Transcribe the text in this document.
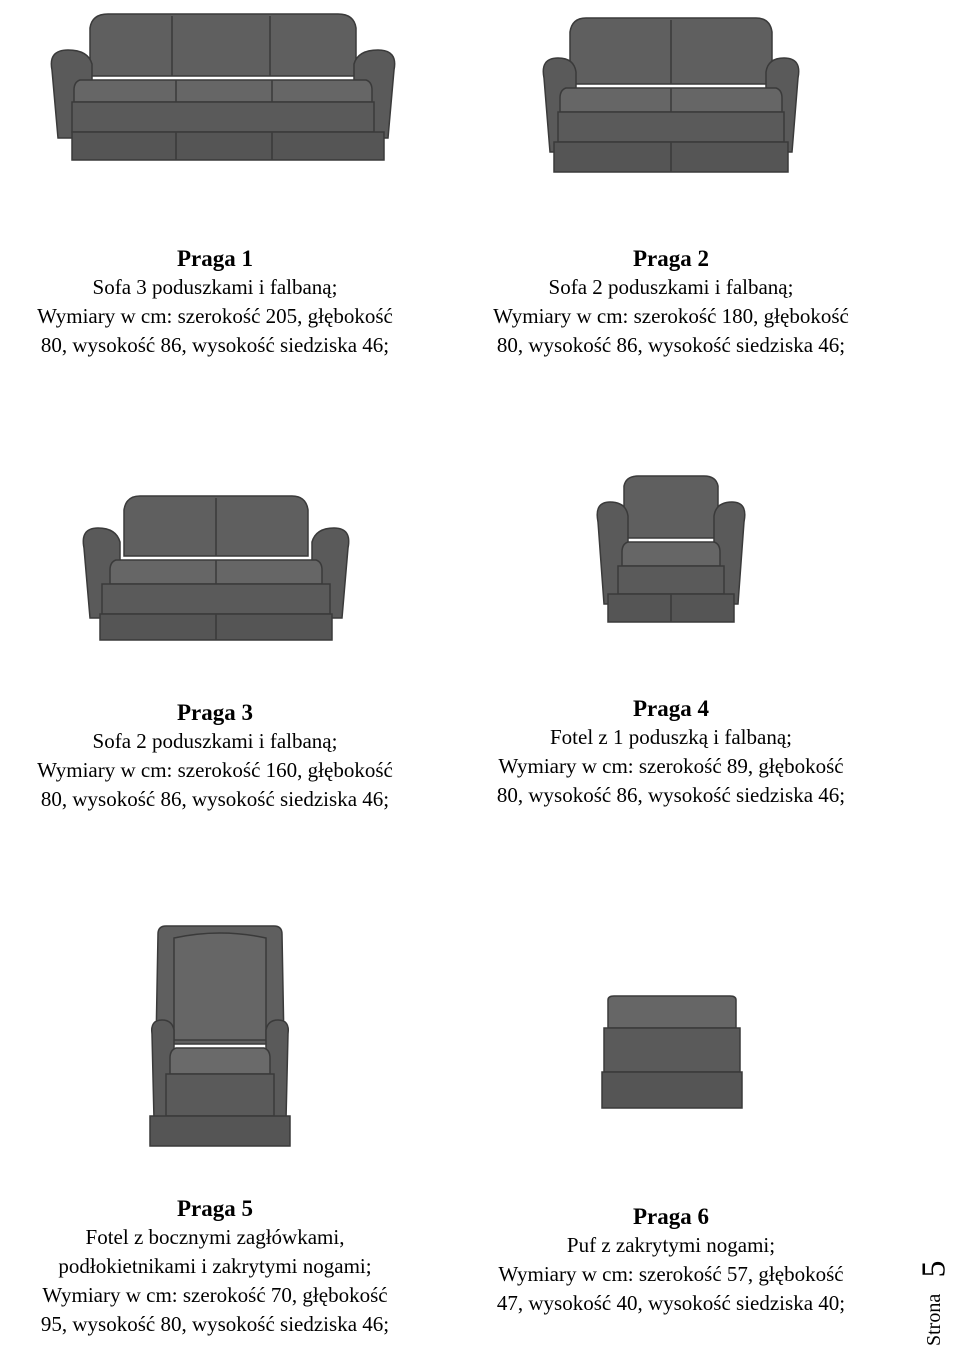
Praga 1
Sofa 3 poduszkami i falbaną;
Wymiary w cm: szerokość 205, głębokość
80, wysokość 86, wysokość siedziska 46;
Praga 2
Sofa 2 poduszkami i falbaną;
Wymiary w cm: szerokość 180, głębokość
80, wysokość 86, wysokość siedziska 46;
Praga 3
Sofa 2 poduszkami i falbaną;
Wymiary w cm: szerokość 160, głębokość
80, wysokość 86, wysokość siedziska 46;
Praga 4
Fotel z 1 poduszką i falbaną;
Wymiary w cm: szerokość 89, głębokość
80, wysokość 86, wysokość siedziska 46;
Praga 5
Fotel z bocznymi zagłówkami,
podłokietnikami i zakrytymi nogami;
Wymiary w cm: szerokość 70, głębokość
95, wysokość 80, wysokość siedziska 46;
Praga 6
Puf z zakrytymi nogami;
Wymiary w cm: szerokość 57, głębokość
47, wysokość 40, wysokość siedziska 40;	Strona
5
